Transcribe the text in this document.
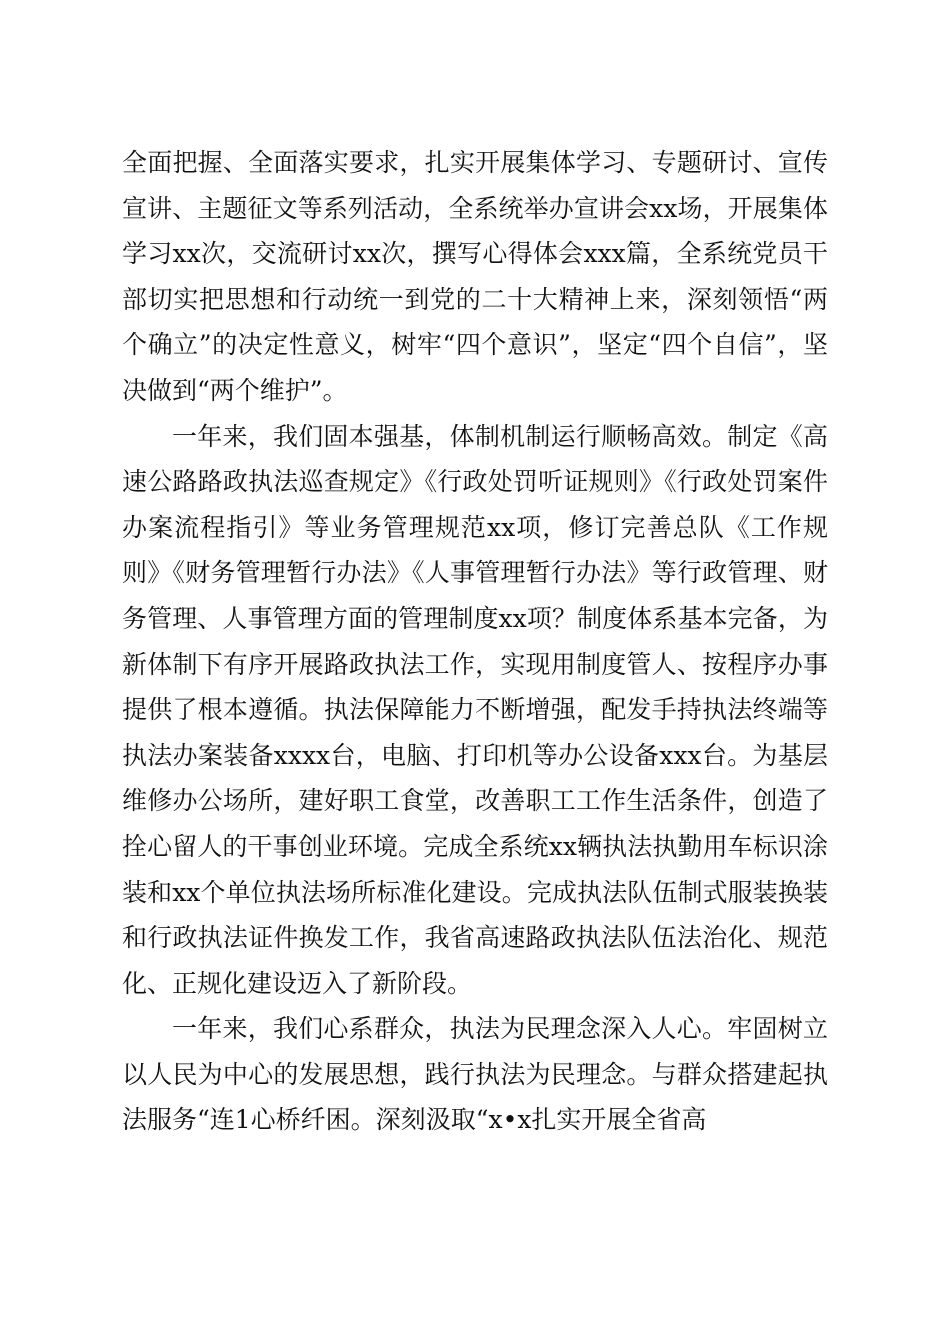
全面把握、全面落实要求，扎实开展集体学习、专题研讨、宣传宣讲、主题征文等系列活动，全系统举办宣讲会xx场，开展集体学习xx次，交流研讨xx次，撰写心得体会xxx篇，全系统党员干部切实把思想和行动统一到党的二十大精神上来，深刻领悟“两个确立”的决定性意义，树牢“四个意识”，坚定“四个自信”，坚决做到“两个维护”。

一年来，我们固本强基，体制机制运行顺畅高效。制定《高速公路路政执法巡查规定》《行政处罚听证规则》《行政处罚案件办案流程指引》等业务管理规范xx项，修订完善总队《工作规则》《财务管理暂行办法》《人事管理暂行办法》等行政管理、财务管理、人事管理方面的管理制度xx项？制度体系基本完备，为新体制下有序开展路政执法工作，实现用制度管人、按程序办事提供了根本遵循。执法保障能力不断增强，配发手持执法终端等执法办案装备xxxx台，电脑、打印机等办公设备xxx台。为基层维修办公场所，建好职工食堂，改善职工工作生活条件，创造了拴心留人的干事创业环境。完成全系统xx辆执法执勤用车标识涂装和xx个单位执法场所标准化建设。完成执法队伍制式服装换装和行政执法证件换发工作，我省高速路政执法队伍法治化、规范化、正规化建设迈入了新阶段。

一年来，我们心系群众，执法为民理念深入人心。牢固树立以人民为中心的发展思想，践行执法为民理念。与群众搭建起执法服务“连1心桥纤困。深刻汲取“x•x扎实开展全省高
